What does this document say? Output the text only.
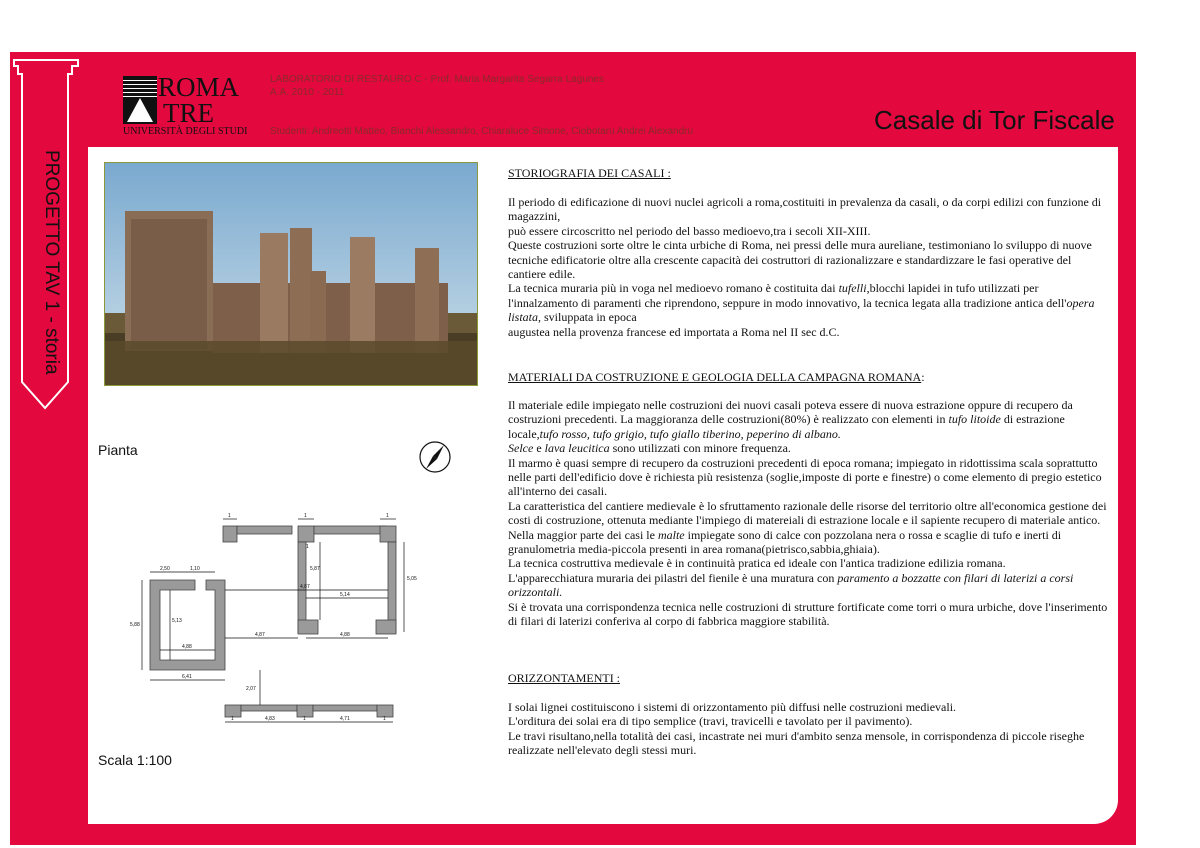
PROGETTO TAV 1 - storia
ROMA
TRE
UNIVERSITÀ DEGLI STUDI
LABORATORIO DI RESTAURO C - Prof. Maria Margarita Segarra Lagunes
A.A. 2010 - 2011
Studenti: Andreotti Matteo, Bianchi Alessandro, Chiaraluce Simone, Ciobotaru Andrei Alexandru	Casale di Tor Fiscale
STORIOGRAFIA DEI CASALI :

Il periodo di edificazione di nuovi nuclei agricoli a roma,costituiti in prevalenza da casali, o da corpi edilizi con funzione di magazzini,

può essere circoscritto nel periodo del basso medioevo,tra i secoli XII-XIII.

Queste costruzioni sorte oltre le cinta urbiche di Roma, nei pressi delle mura aureliane, testimoniano lo sviluppo di nuove tecniche edificatorie oltre alla crescente capacità dei costruttori di razionalizzare e standardizzare le fasi operative del cantiere edile.

La tecnica muraria più in voga nel medioevo romano è costituita dai tufelli,blocchi lapidei in tufo utilizzati per l'innalzamento di paramenti che riprendono, seppure in modo innovativo, la tecnica legata alla tradizione antica dell'opera listata, sviluppata in epoca

augustea nella provenza francese ed importata a Roma nel II sec d.C.

MATERIALI DA COSTRUZIONE E GEOLOGIA DELLA CAMPAGNA ROMANA:

Il materiale edile impiegato nelle costruzioni dei nuovi casali poteva essere di nuova estrazione oppure di recupero da costruzioni precedenti. La maggioranza delle costruzioni(80%) è realizzato con elementi in tufo litoide di estrazione locale,tufo rosso, tufo grigio, tufo giallo tiberino, peperino di albano.

Selce e lava leucitica sono utilizzati con minore frequenza.

Il marmo è quasi sempre di recupero da costruzioni precedenti di epoca romana; impiegato in ridottissima scala soprattutto nelle parti dell'edificio dove è richiesta più resistenza (soglie,imposte di porte e finestre) o come elemento di pregio estetico all'interno dei casali.

La caratteristica del cantiere medievale è lo sfruttamento razionale delle risorse del territorio oltre all'economica gestione dei costi di costruzione, ottenuta mediante l'impiego di matereiali di estrazione locale e il sapiente recupero di materiale antico.

Nella maggior parte dei casi le malte impiegate sono di calce con pozzolana nera o rossa e scaglie di tufo e inerti di granulometria media-piccola presenti in area romana(pietrisco,sabbia,ghiaia).

La tecnica costruttiva medievale è in continuità pratica ed ideale con l'antica tradizione edilizia romana.

L'apparecchiatura muraria dei pilastri del fienile è una muratura con paramento a bozzatte con filari di laterizi a corsi orizzontali.

Si è trovata una corrispondenza tecnica nelle costruzioni di strutture fortificate come torri o mura urbiche, dove l'inserimento di filari di laterizi conferiva al corpo di fabbrica maggiore stabilità.

ORIZZONTAMENTI :

I solai lignei costituiscono i sistemi di orizzontamento più diffusi nelle costruzioni medievali.

L'orditura dei solai era di tipo semplice (travi, travicelli e tavolato per il pavimento).

Le travi risultano,nella totalità dei casi, incastrate nei muri d'ambito senza mensole, in corrispondenza di piccole riseghe realizzate nell'elevato degli stessi muri.

Pianta
Scala 1:100
1	1	1
2,50	1,10
4,87
5,87
5,14
5,05
5,88
5,13
4,88
4,87	4,88
6,41
2,07
1	1
4,83	1
4,71
1
